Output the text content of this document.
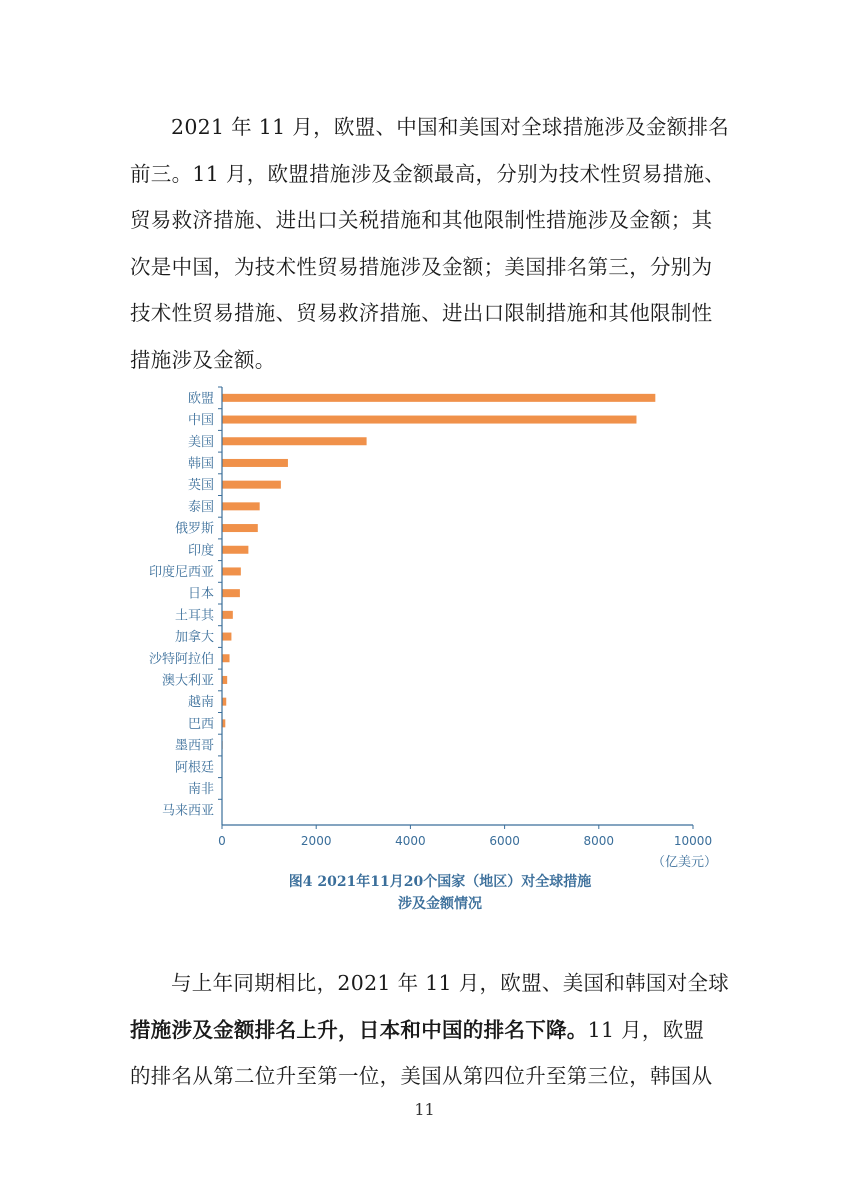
2021 年 11 月，欧盟、中国和美国对全球措施涉及金额排名
前三。11 月，欧盟措施涉及金额最高，分别为技术性贸易措施、
贸易救济措施、进出口关税措施和其他限制性措施涉及金额；其
次是中国，为技术性贸易措施涉及金额；美国排名第三，分别为
技术性贸易措施、贸易救济措施、进出口限制措施和其他限制性
措施涉及金额。
欧盟
中国
美国
韩国
英国
泰国
俄罗斯
印度
印度尼西亚
日本
土耳其
加拿大
沙特阿拉伯
澳大利亚
越南
巴西
墨西哥
阿根廷
南非
马来西亚
0	2000	4000	6000	8000	10000
（亿美元）
图4 2021年11月20个国家（地区）对全球措施
涉及金额情况
与上年同期相比，2021 年 11 月，欧盟、美国和韩国对全球
措施涉及金额排名上升，日本和中国的排名下降。11 月，欧盟
的排名从第二位升至第一位，美国从第四位升至第三位，韩国从
11
